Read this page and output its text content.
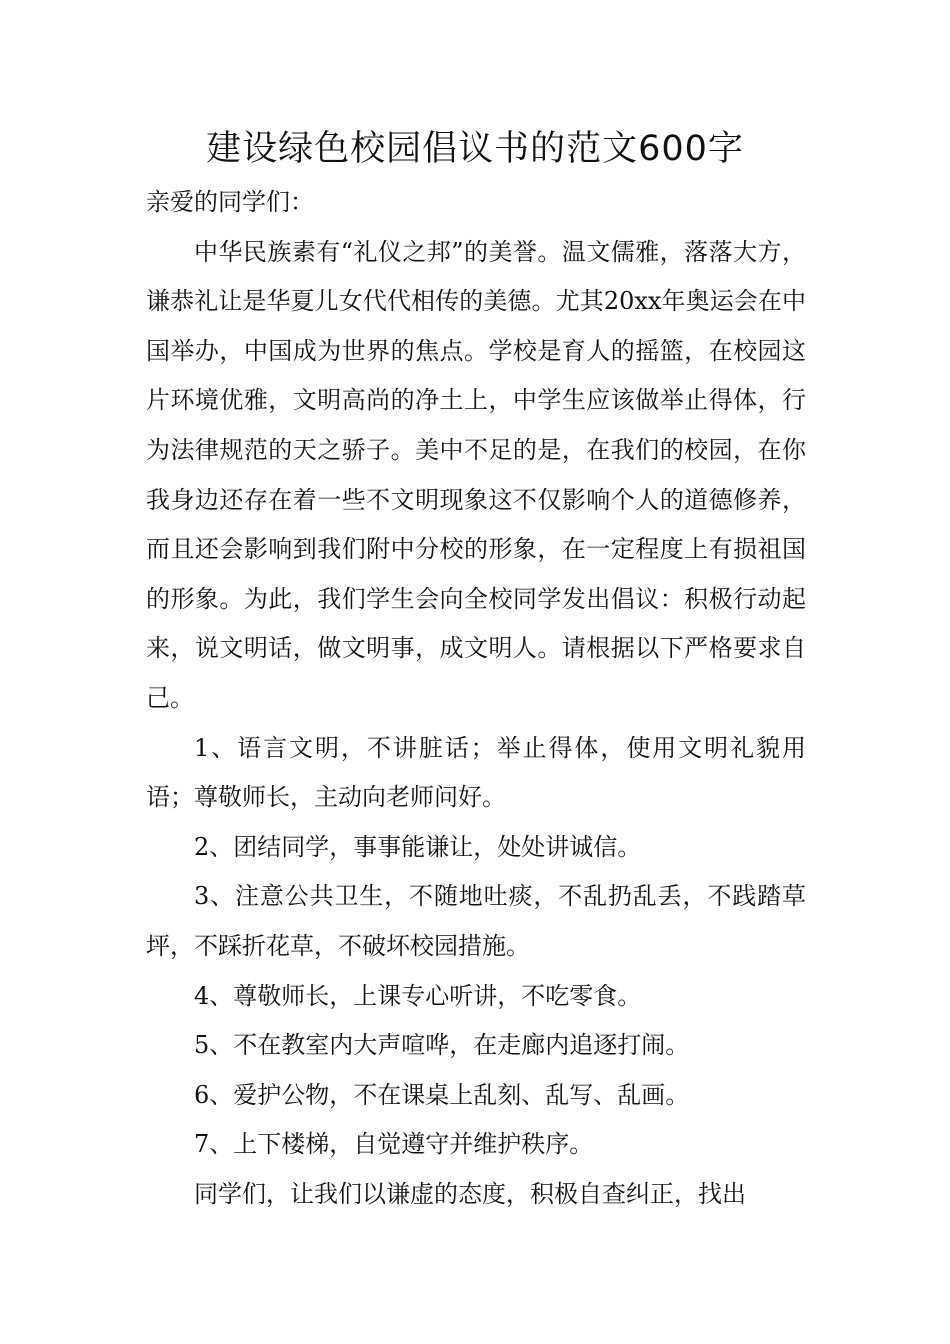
建设绿色校园倡议书的范文600字

亲爱的同学们：

中华民族素有“礼仪之邦”的美誉。温文儒雅，落落大方，谦恭礼让是华夏儿女代代相传的美德。尤其20xx年奥运会在中国举办，中国成为世界的焦点。学校是育人的摇篮，在校园这片环境优雅，文明高尚的净土上，中学生应该做举止得体，行为法律规范的天之骄子。美中不足的是，在我们的校园，在你我身边还存在着一些不文明现象这不仅影响个人的道德修养，而且还会影响到我们附中分校的形象，在一定程度上有损祖国的形象。为此，我们学生会向全校同学发出倡议：积极行动起来，说文明话，做文明事，成文明人。请根据以下严格要求自己。

1、语言文明，不讲脏话；举止得体，使用文明礼貌用语；尊敬师长，主动向老师问好。

2、团结同学，事事能谦让，处处讲诚信。

3、注意公共卫生，不随地吐痰，不乱扔乱丢，不践踏草坪，不踩折花草，不破坏校园措施。

4、尊敬师长，上课专心听讲，不吃零食。

5、不在教室内大声喧哗，在走廊内追逐打闹。

6、爱护公物，不在课桌上乱刻、乱写、乱画。

7、上下楼梯，自觉遵守并维护秩序。

同学们，让我们以谦虚的态度，积极自查纠正，找出
